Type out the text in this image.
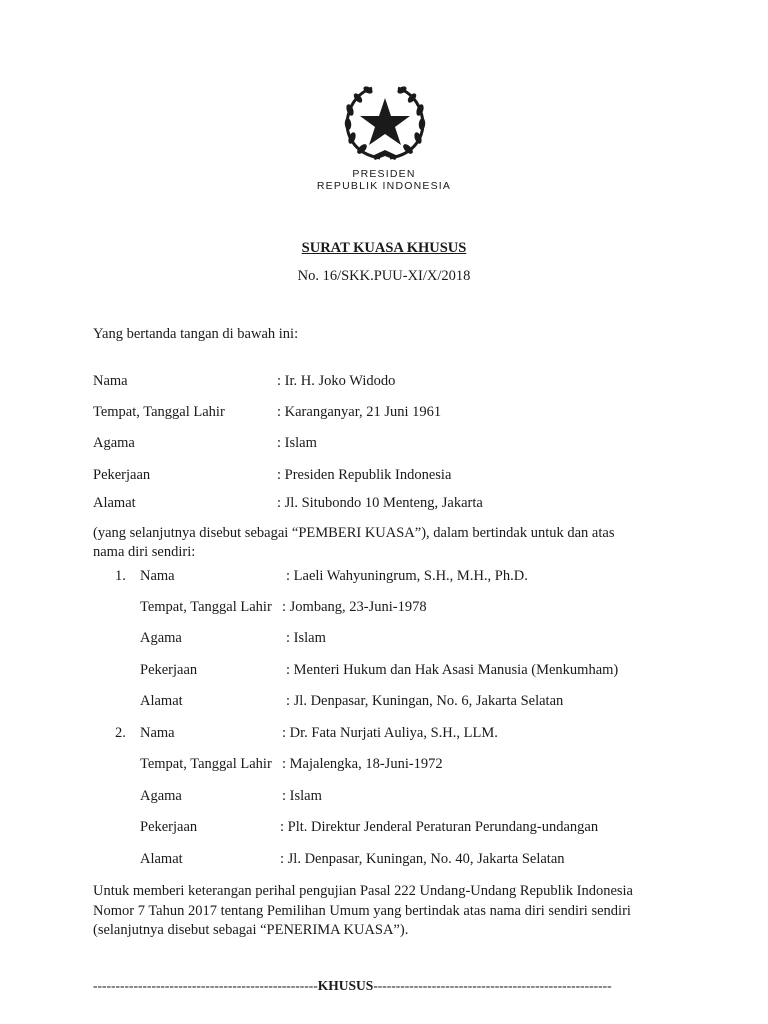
PRESIDEN
REPUBLIK INDONESIA
SURAT KUASA KHUSUS
No. 16/SKK.PUU-XI/X/2018
Yang bertanda tangan di bawah ini:
Nama	: Ir. H. Joko Widodo
Tempat, Tanggal Lahir	: Karanganyar, 21 Juni 1961
Agama	: Islam
Pekerjaan	: Presiden Republik Indonesia
Alamat	: Jl. Situbondo 10 Menteng, Jakarta
(yang selanjutnya disebut sebagai “PEMBERI KUASA”), dalam bertindak untuk dan atas
nama diri sendiri:
1. Nama	: Laeli Wahyuningrum, S.H., M.H., Ph.D.
Tempat, Tanggal Lahir : Jombang, 23-Juni-1978
Agama	: Islam
Pekerjaan	: Menteri Hukum dan Hak Asasi Manusia (Menkumham)
Alamat	: Jl. Denpasar, Kuningan, No. 6, Jakarta Selatan
2. Nama	: Dr. Fata Nurjati Auliya, S.H., LLM.
Tempat, Tanggal Lahir : Majalengka, 18-Juni-1972
Agama	: Islam
Pekerjaan	: Plt. Direktur Jenderal Peraturan Perundang-undangan
Alamat	: Jl. Denpasar, Kuningan, No. 40, Jakarta Selatan
Untuk memberi keterangan perihal pengujian Pasal 222 Undang-Undang Republik Indonesia
Nomor 7 Tahun 2017 tentang Pemilihan Umum yang bertindak atas nama diri sendiri sendiri
(selanjutnya disebut sebagai “PENERIMA KUASA”).
--------------------------------------------------KHUSUS-----------------------------------------------------
